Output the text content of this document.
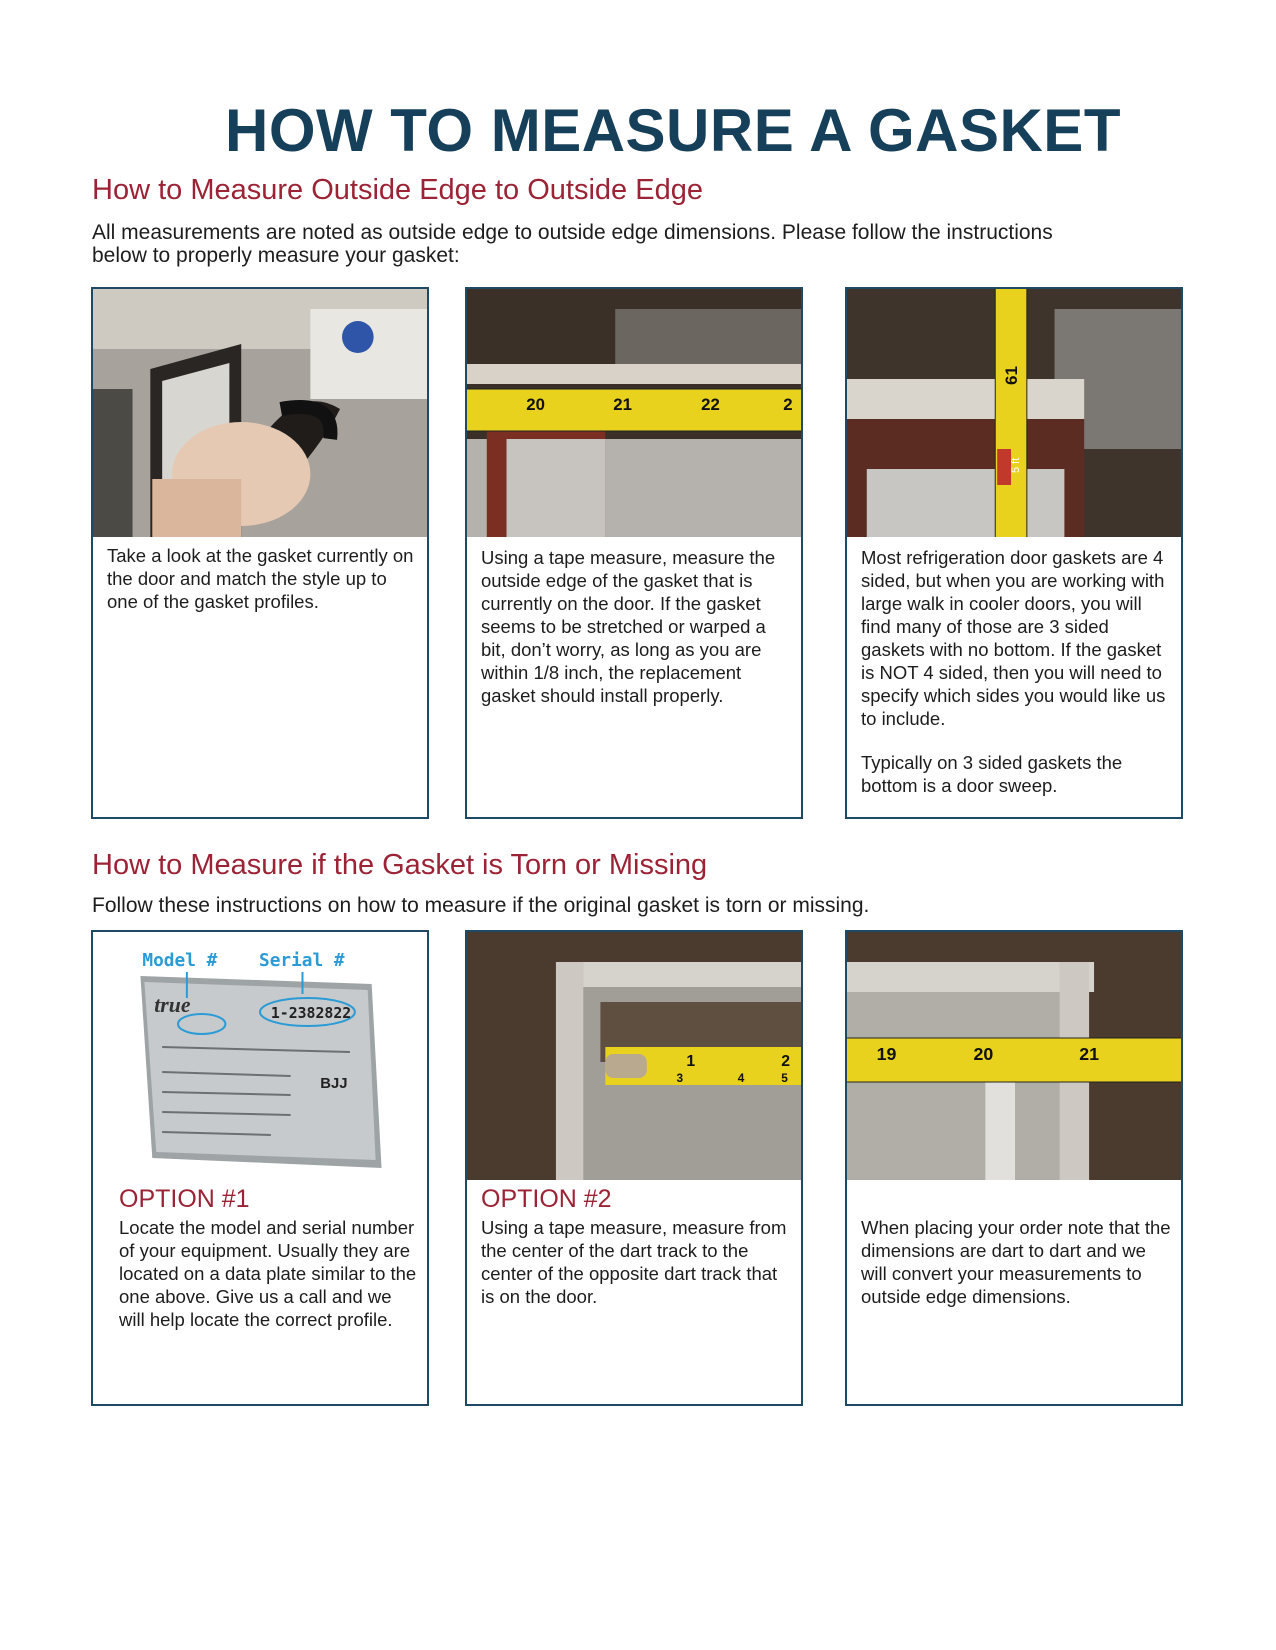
HOW TO MEASURE A GASKET
How to Measure Outside Edge to Outside Edge
All measurements are noted as outside edge to outside edge dimensions. Please follow the instructions below to properly measure your gasket:
Take a look at the gasket currently on the door and match the style up to one of the gasket profiles.
20	21	22	2
Using a tape measure, measure the outside edge of the gasket that is currently on the door. If the gasket seems to be stretched or warped a bit, don’t worry, as long as you are within 1/8 inch, the replacement gasket should install properly.
61
5 ft
Most refrigeration door gaskets are 4 sided, but when you are working with large walk in cooler doors, you will find many of those are 3 sided gaskets with no bottom. If the gasket is NOT 4 sided, then you will need to specify which sides you would like us to include.
Typically on 3 sided gaskets the bottom is a door sweep.
How to Measure if the Gasket is Torn or Missing
Follow these instructions on how to measure if the original gasket is torn or missing.
Model # Serial #
true	1-2382822
BJJ
OPTION #1
Locate the model and serial number of your equipment. Usually they are located on a data plate similar to the one above. Give us a call and we will help locate the correct profile.
1	2
3	4	5
OPTION #2
Using a tape measure, measure from the center of the dart track to the center of the opposite dart track that is on the door.
19	20	21
When placing your order note that the dimensions are dart to dart and we will convert your measurements to outside edge dimensions.
